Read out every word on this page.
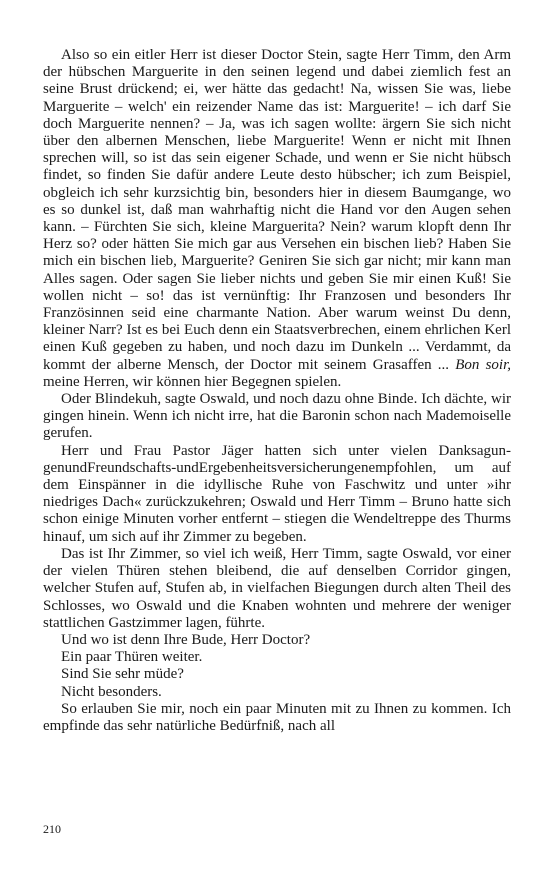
Also so ein eitler Herr ist dieser Doctor Stein, sagte Herr Timm, den Arm der hübschen Marguerite in den seinen legend und dabei ziemlich fest an seine Brust drückend; ei, wer hätte das gedacht! Na, wissen Sie was, liebe Marguerite – welch' ein reizender Name das ist: Marguerite! – ich darf Sie doch Marguerite nennen? – Ja, was ich sagen wollte: ärgern Sie sich nicht über den albernen Menschen, liebe Marguerite! Wenn er nicht mit Ihnen sprechen will, so ist das sein eigener Schade, und wenn er Sie nicht hübsch findet, so finden Sie dafür andere Leute desto hübscher; ich zum Beispiel, obgleich ich sehr kurzsichtig bin, besonders hier in diesem Baumgange, wo es so dunkel ist, daß man wahrhaftig nicht die Hand vor den Augen sehen kann. – Fürchten Sie sich, kleine Marguerita? Nein? warum klopft denn Ihr Herz so? oder hätten Sie mich gar aus Versehen ein bischen lieb? Haben Sie mich ein bischen lieb, Marguerite? Geniren Sie sich gar nicht; mir kann man Alles sagen. Oder sagen Sie lieber nichts und geben Sie mir einen Kuß! Sie wollen nicht – so! das ist vernünftig: Ihr Franzosen und besonders Ihr Französinnen seid eine charmante Nation. Aber warum weinst Du denn, kleiner Narr? Ist es bei Euch denn ein Staatsverbrechen, einem ehrlichen Kerl einen Kuß gegeben zu haben, und noch dazu im Dunkeln ... Verdammt, da kommt der alberne Mensch, der Doctor mit seinem Grasaffen ... Bon soir, meine Herren, wir können hier Begegnen spielen.

Oder Blindekuh, sagte Oswald, und noch dazu ohne Binde. Ich dächte, wir gingen hinein. Wenn ich nicht irre, hat die Baronin schon nach Mademoiselle gerufen.

Herr und Frau Pastor Jäger hatten sich unter vielen DanksagungenundFreundschafts-undErgebenheitsversicherungenempfohlen, um auf dem Einspänner in die idyllische Ruhe von Faschwitz und unter »ihr niedriges Dach« zurückzukehren; Oswald und Herr Timm – Bruno hatte sich schon einige Minuten vorher entfernt – stiegen die Wendeltreppe des Thurms hinauf, um sich auf ihr Zimmer zu begeben.

Das ist Ihr Zimmer, so viel ich weiß, Herr Timm, sagte Oswald, vor einer der vielen Thüren stehen bleibend, die auf denselben Corridor gingen, welcher Stufen auf, Stufen ab, in vielfachen Biegungen durch alten Theil des Schlosses, wo Oswald und die Knaben wohnten und mehrere der weniger stattlichen Gastzimmer lagen, führte.

Und wo ist denn Ihre Bude, Herr Doctor?

Ein paar Thüren weiter.

Sind Sie sehr müde?

Nicht besonders.

So erlauben Sie mir, noch ein paar Minuten mit zu Ihnen zu kommen. Ich empfinde das sehr natürliche Bedürfniß, nach all

210
